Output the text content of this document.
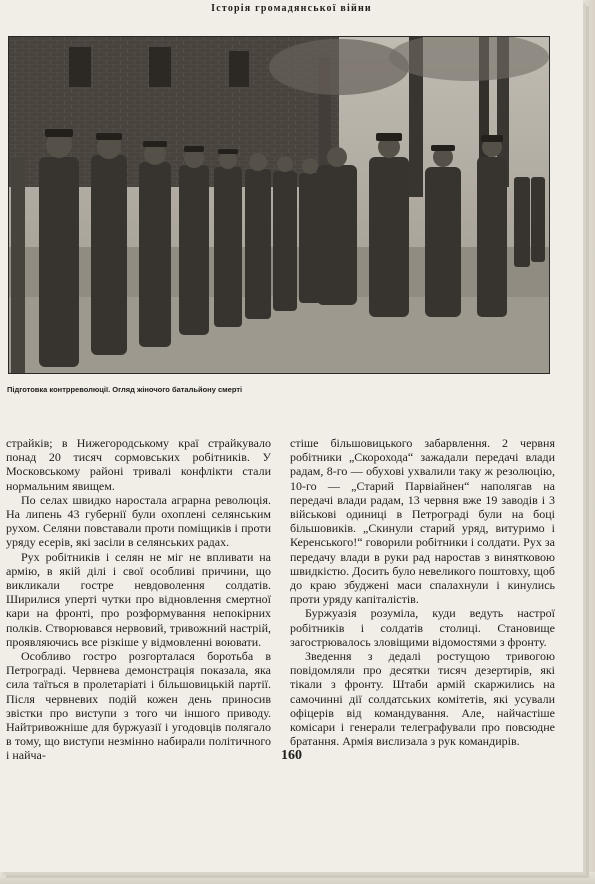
Історія громадянської війни
Підготовка контрреволюції. Огляд жіночого батальйону смерті

страйків; в Нижегородському краї страйкувало понад 20 тисяч сормовських робітників. У Московському районі тривалі конфлікти стали нормальним явищем.

По селах швидко наростала аграрна революція. На липень 43 губернії були охоплені селянським рухом. Селяни повставали проти поміщиків і проти уряду есерів, які засіли в селянських радах.

Рух робітників і селян не міг не впливати на армію, в якій ділі і свої особливі причини, що викликали гостре невдоволення солдатів. Ширилися уперті чутки про відновлення смертної кари на фронті, про розформування непокірних полків. Створювався нервовий, тривожний настрій, проявляючись все різкіше у відмовленні воювати.

Особливо гостро розгорталася боротьба в Петрограді. Червнева демонстрація показала, яка сила таїться в пролетаріаті і більшовицькій партії. Після червневих подій кожен день приносив звістки про виступи з того чи іншого приводу. Найтривожніше для буржуазії і угодовців полягало в тому, що виступи незмінно набирали політичного і найча-

стіше більшовицького забарвлення. 2 червня робітники „Скорохода“ зажадали передачі влади радам, 8-го — обухові ухвалили таку ж резолюцію, 10-го — „Старий Парвіайнен“ наполягав на передачі влади радам, 13 червня вже 19 заводів і 3 військові одиниці в Петрограді були на боці більшовиків. „Скинули старий уряд, витуримо і Керенського!“ говорили робітники і солдати. Рух за передачу влади в руки рад наростав з винятковою швидкістю. Досить було невеликого поштовху, щоб до краю збуджені маси спалахнули і кинулись проти уряду капіталістів.

Буржуазія розуміла, куди ведуть настрої робітників і солдатів столиці. Становище загострювалось зловіщими відомостями з фронту.

Зведення з дедалі ростущою тривогою повідомляли про десятки тисяч дезертирів, які тікали з фронту. Штаби армій скаржились на самочинні дії солдатських комітетів, які усували офіцерів від командування. Але, найчастіше комісари і генерали телеграфували про повсюдне братання. Армія вислизала з рук командирів.

160
